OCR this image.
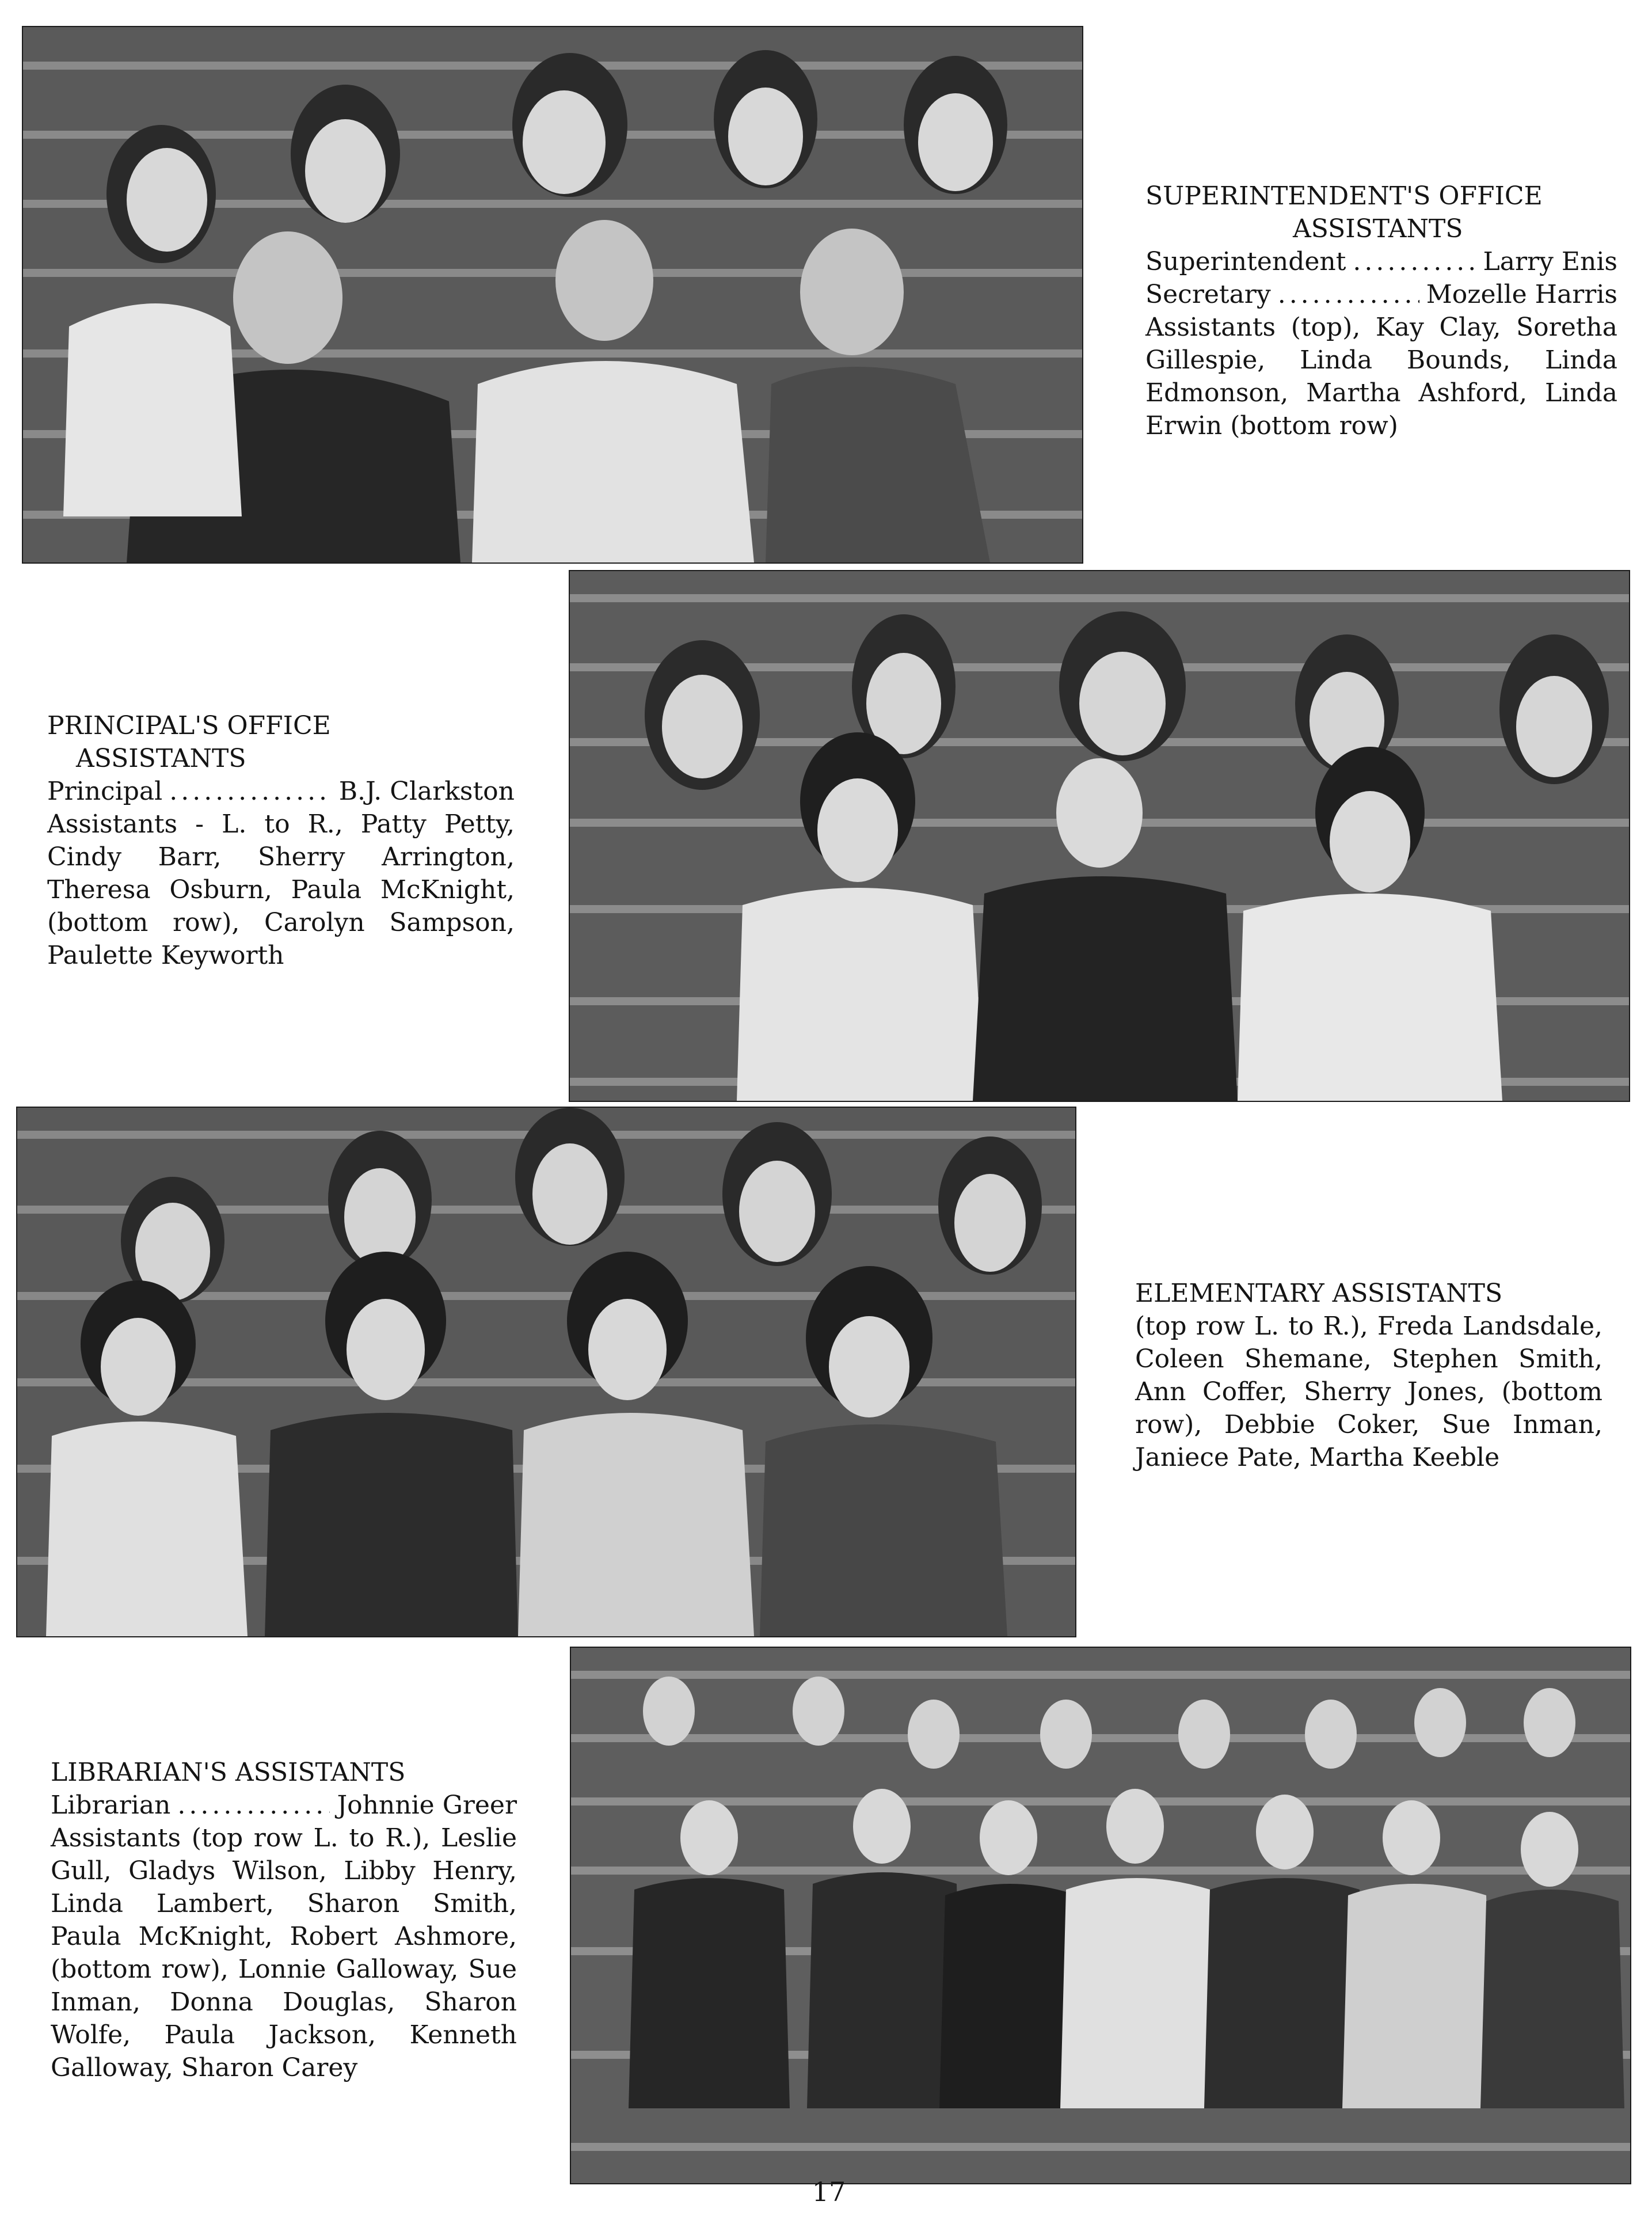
SUPERINTENDENT'S OFFICE
ASSISTANTS
Superintendent .....	Larry Enis
Secretary .....	Mozelle Harris
Assistants (top), Kay Clay, Soretha Gillespie, Linda Bounds, Linda Edmonson, Martha Ashford, Linda Erwin (bottom row)
PRINCIPAL'S OFFICE
ASSISTANTS
Principal .....	B.J. Clarkston
Assistants - L. to R., Patty Petty, Cindy Barr, Sherry Arrington, Theresa Osburn, Paula McKnight, (bottom row), Carolyn Sampson, Paulette Keyworth
ELEMENTARY ASSISTANTS
(top row L. to R.), Freda Landsdale, Coleen Shemane, Stephen Smith, Ann Coffer, Sherry Jones, (bottom row), Debbie Coker, Sue Inman, Janiece Pate, Martha Keeble
LIBRARIAN'S ASSISTANTS
Librarian .....	Johnnie Greer
Assistants (top row L. to R.), Leslie Gull, Gladys Wilson, Libby Henry, Linda Lambert, Sharon Smith, Paula McKnight, Robert Ashmore, (bottom row), Lonnie Galloway, Sue Inman, Donna Douglas, Sharon Wolfe, Paula Jackson, Kenneth Galloway, Sharon Carey
17
